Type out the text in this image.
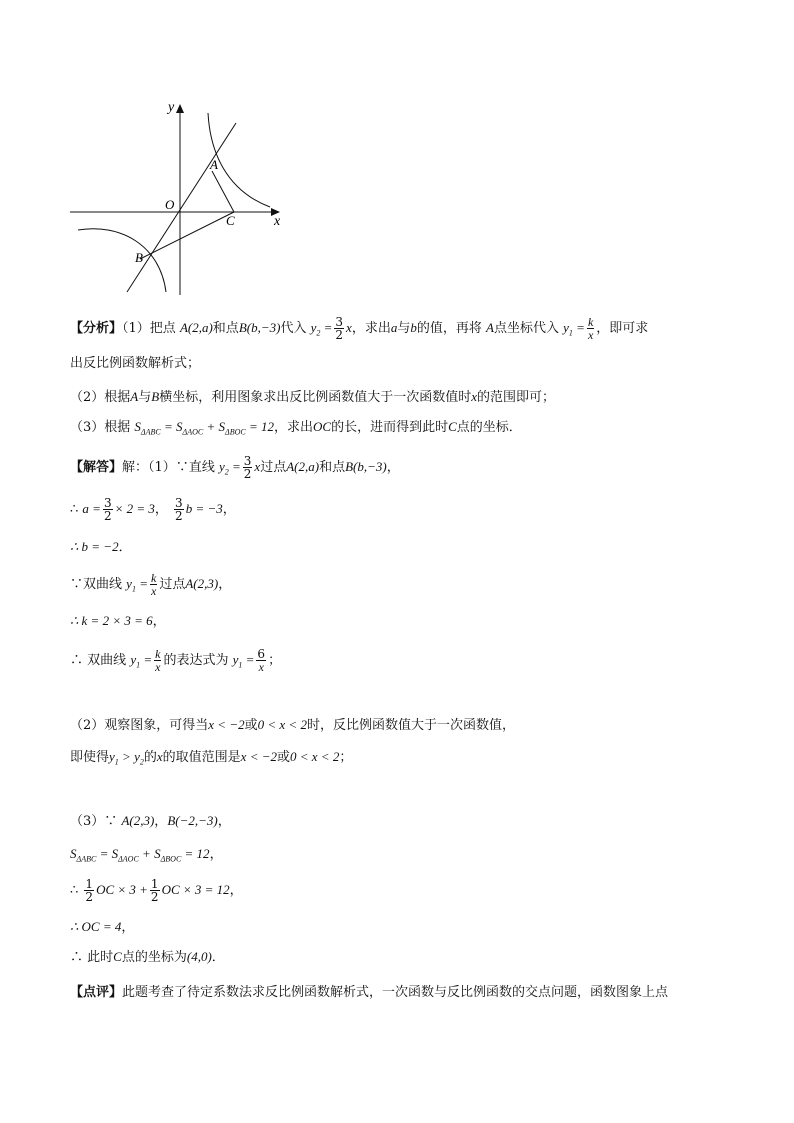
y
x
O
A
B
C
【分析】（1）把点 A(2,a)和点B(b,−3)代入 $y_2 = \frac{3}{2}$ x，求出a与b的值，再将 A点坐标代入 $y_1 = \frac{k}{x}$ ，即可求
出反比例函数解析式；
（2）根据A与B横坐标，利用图象求出反比例函数值大于一次函数值时x的范围即可；
（3）根据 $S_{\Delta ABC} = S_{\Delta AOC} + S_{\Delta BOC} = 12$，求出OC的长，进而得到此时C点的坐标．
【解答】解：（1）∵直线 $y_2 = \frac{3}{2}$ x过点A(2,a)和点B(b,−3)，
∴ $a = \frac{3}{2} \times 2 = 3$， $\frac{3}{2}$ b = −3，
∴ b = −2．
∵双曲线 $y_1 = \frac{k}{x}$ 过点A(2,3)，
∴ k = 2 × 3 = 6，
∴ 双曲线 $y_1 = \frac{k}{x}$ 的表达式为 $y_1 = \frac{6}{x}$ ；
（2）观察图象，可得当x < −2或0 < x < 2时，反比例函数值大于一次函数值，
即使得$y_1 > y_2$的x的取值范围是x < −2或0 < x < 2；
（3）∵ A(2,3)，B(−2,−3)，
$S_{\Delta ABC} = S_{\Delta AOC} + S_{\Delta BOC} = 12$，
∴ $\frac{1}{2}$ OC × $3 + \frac{1}{2}$ OC × 3 = 12，
∴ OC = 4，
∴ 此时C点的坐标为(4,0)．
【点评】此题考查了待定系数法求反比例函数解析式，一次函数与反比例函数的交点问题，函数图象上点
